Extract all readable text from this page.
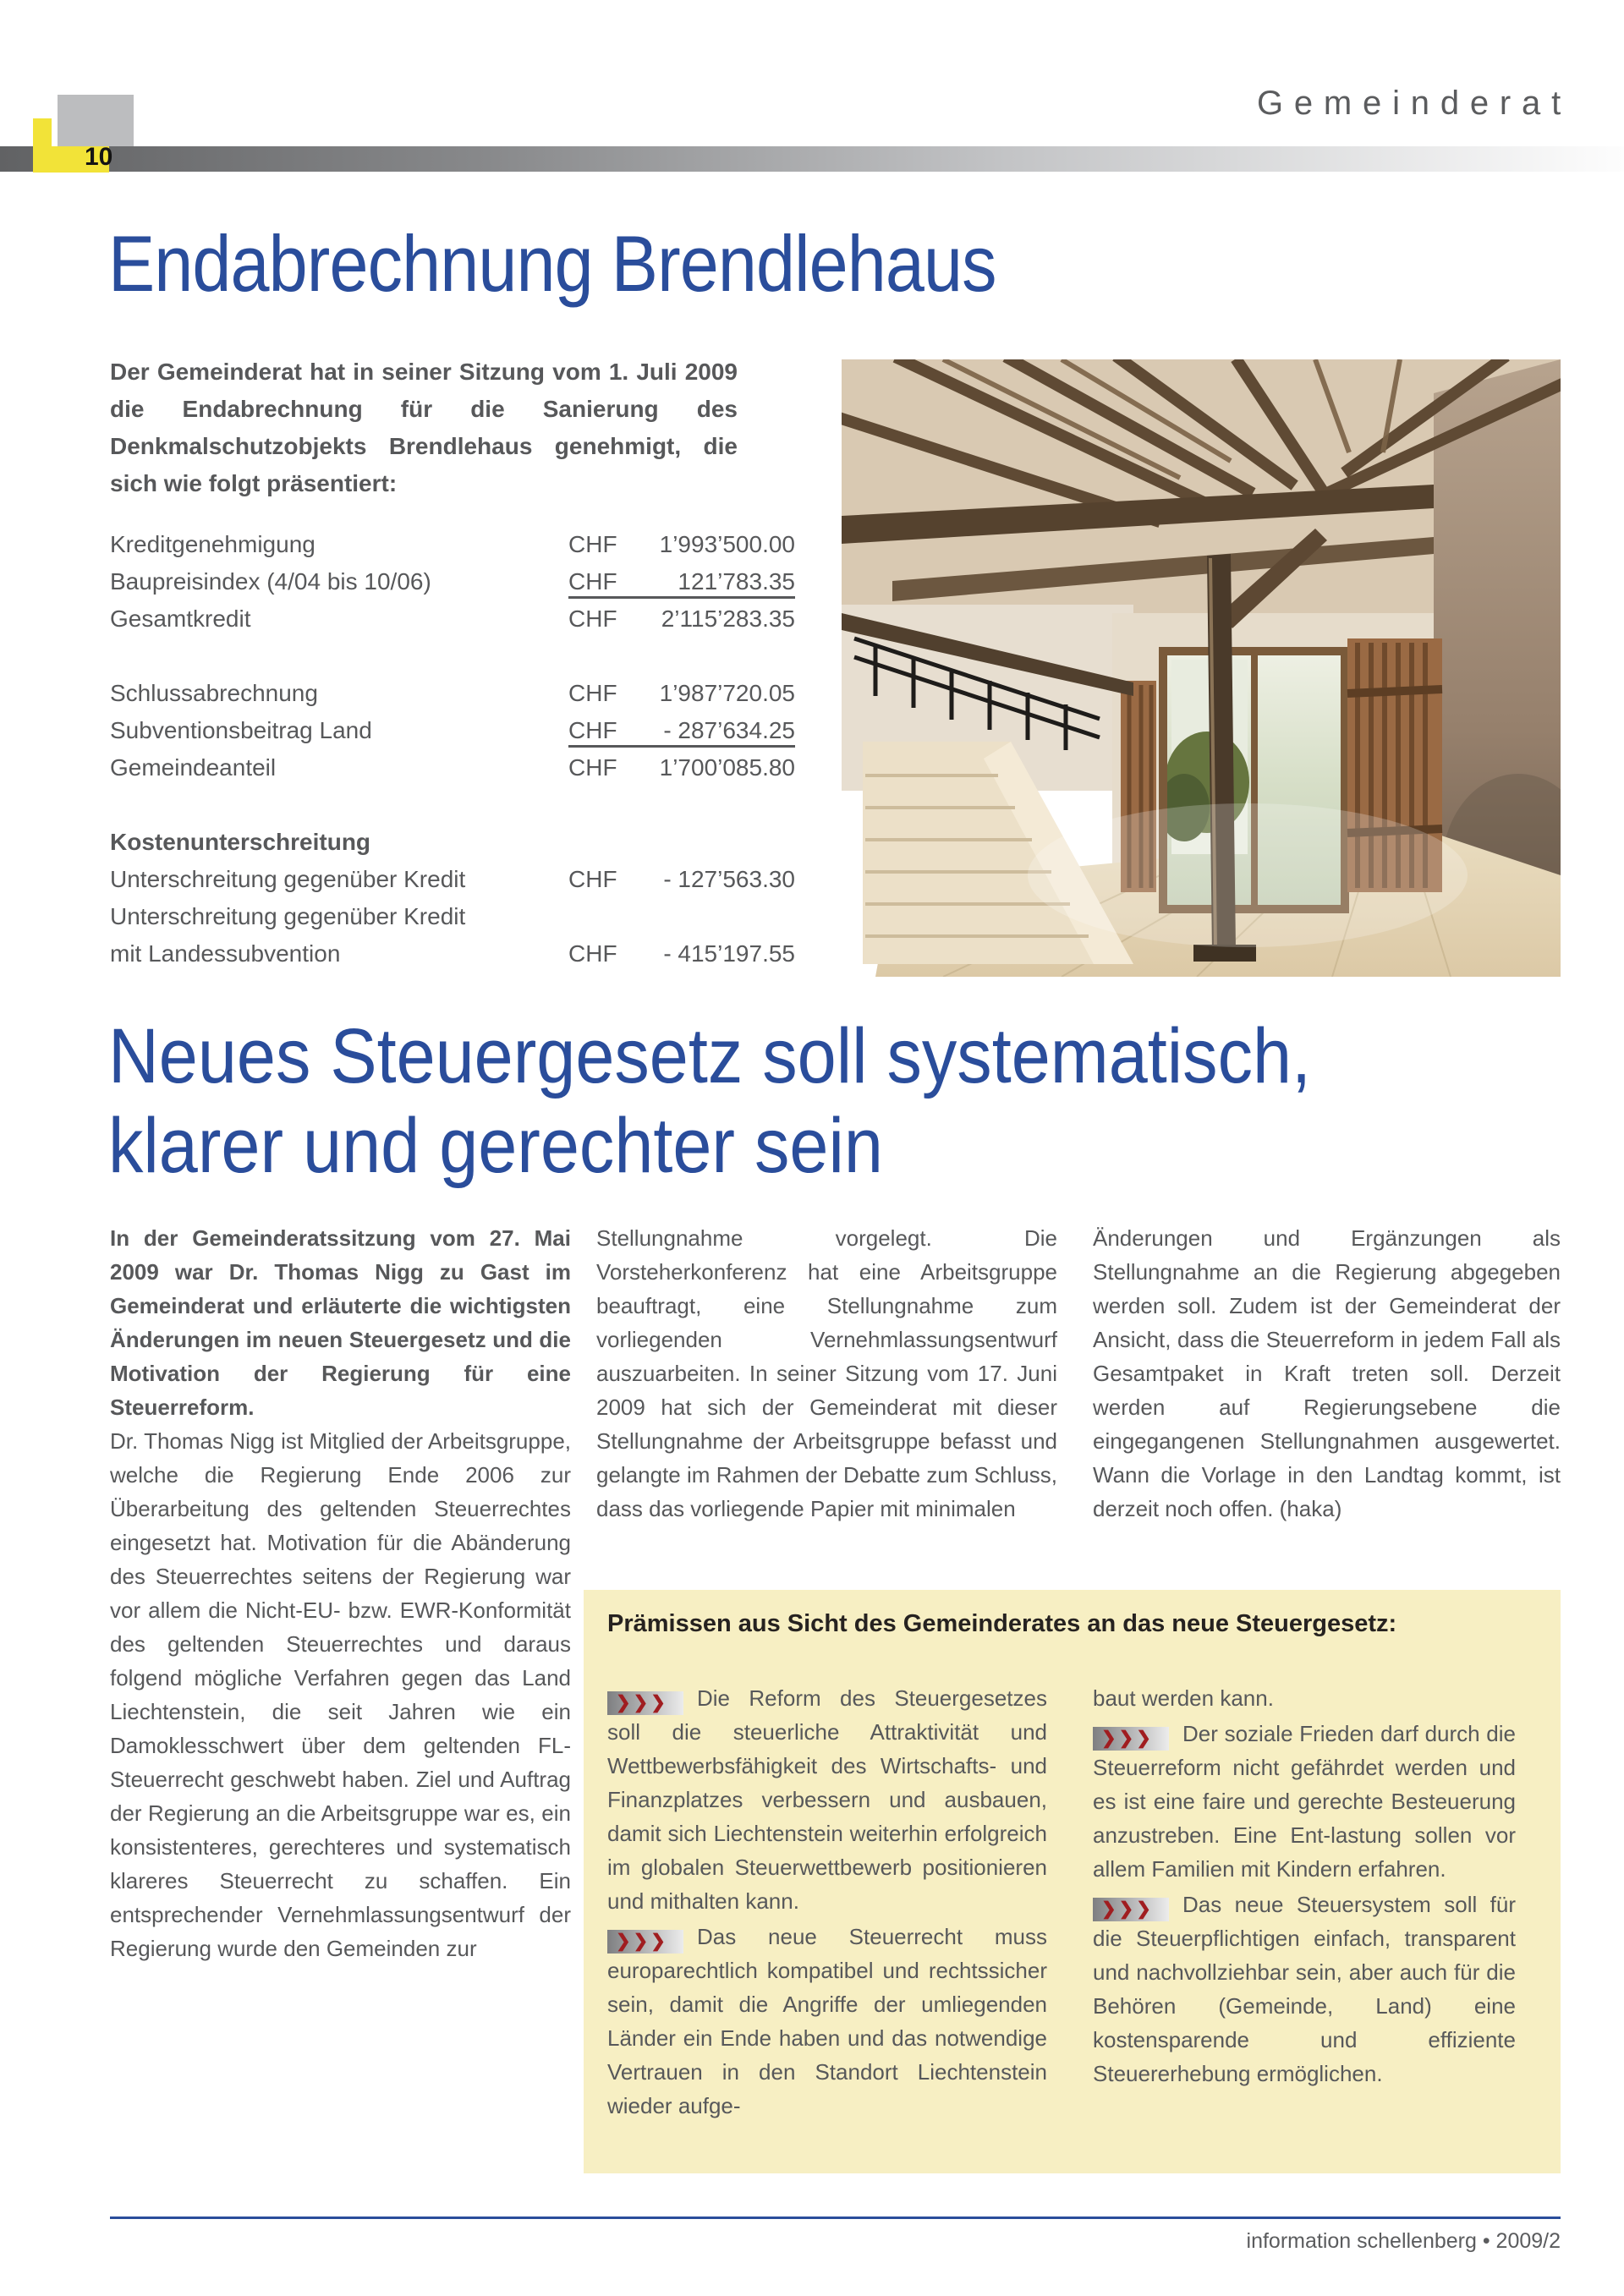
10
Gemeinderat
Endabrechnung Brendlehaus
Der Gemeinderat hat in seiner Sitzung vom 1. Juli 2009 die Endabrechnung für die Sanierung des Denkmalschutzobjekts Brendlehaus genehmigt, die sich wie folgt präsentiert:
Kreditgenehmigung	CHF 1’993’500.00
Baupreisindex (4/04 bis 10/06)	CHF	121’783.35
Gesamtkredit	CHF 2’115’283.35
Schlussabrechnung	CHF 1’987’720.05
Subventionsbeitrag Land	CHF - 287’634.25
Gemeindeanteil	CHF 1’700’085.80
Kostenunterschreitung
Unterschreitung gegenüber Kredit	CHF - 127’563.30
Unterschreitung gegenüber Kredit
mit Landessubvention	CHF - 415’197.55
Neues Steuergesetz soll systematisch,
klarer und gerechter sein

In der Gemeinderatssitzung vom 27. Mai 2009 war Dr. Thomas Nigg zu Gast im Gemeinderat und erläuterte die wichtigsten Änderungen im neuen Steuergesetz und die Motivation der Regierung für eine Steuerreform.

Dr. Thomas Nigg ist Mitglied der Arbeitsgruppe, welche die Regierung Ende 2006 zur Überarbeitung des geltenden Steuerrechtes eingesetzt hat. Motivation für die Abänderung des Steuerrechtes seitens der Regierung war vor allem die Nicht-EU- bzw. EWR-Konformität des geltenden Steuerrechtes und daraus folgend mögliche Verfahren gegen das Land Liechtenstein, die seit Jahren wie ein Damoklesschwert über dem geltenden FL-Steuerrecht geschwebt haben. Ziel und Auftrag der Regierung an die Arbeitsgruppe war es, ein konsistenteres, gerechteres und systematisch klareres Steuerrecht zu schaffen. Ein entsprechender Vernehmlassungsentwurf der Regierung wurde den Gemeinden zur

Stellungnahme vorgelegt. Die Vorsteherkonferenz hat eine Arbeitsgruppe beauftragt, eine Stellungnahme zum vorliegenden Vernehmlassungsentwurf auszuarbeiten. In seiner Sitzung vom 17. Juni 2009 hat sich der Gemeinderat mit dieser Stellungnahme der Arbeitsgruppe befasst und gelangte im Rahmen der Debatte zum Schluss, dass das vorliegende Papier mit minimalen

Änderungen und Ergänzungen als Stellungnahme an die Regierung abgegeben werden soll. Zudem ist der Gemeinderat der Ansicht, dass die Steuerreform in jedem Fall als Gesamtpaket in Kraft treten soll. Derzeit werden auf Regierungsebene die eingegangenen Stellungnahmen ausgewertet. Wann die Vorlage in den Landtag kommt, ist derzeit noch offen. (haka)

Prämissen aus Sicht des Gemeinderates an das neue Steuergesetz:

❯❯❯ Die Reform des Steuergesetzes soll die steuerliche Attraktivität und Wettbewerbsfähigkeit des Wirtschafts- und Finanzplatzes verbessern und ausbauen, damit sich Liechtenstein weiterhin erfolgreich im globalen Steuerwettbewerb positionieren und mithalten kann.

❯❯❯ Das neue Steuerrecht muss europarechtlich kompatibel und rechtssicher sein, damit die Angriffe der umliegenden Länder ein Ende haben und das notwendige Vertrauen in den Standort Liechtenstein wieder aufge-

baut werden kann.

❯❯❯ Der soziale Frieden darf durch die Steuerreform nicht gefährdet werden und es ist eine faire und gerechte Besteuerung anzustreben. Eine Ent-lastung sollen vor allem Familien mit Kindern erfahren.

❯❯❯ Das neue Steuersystem soll für die Steuerpflichtigen einfach, transparent und nachvollziehbar sein, aber auch für die Behören (Gemeinde, Land) eine kostensparende und effiziente Steuererhebung ermöglichen.

information schellenberg • 2009/2
